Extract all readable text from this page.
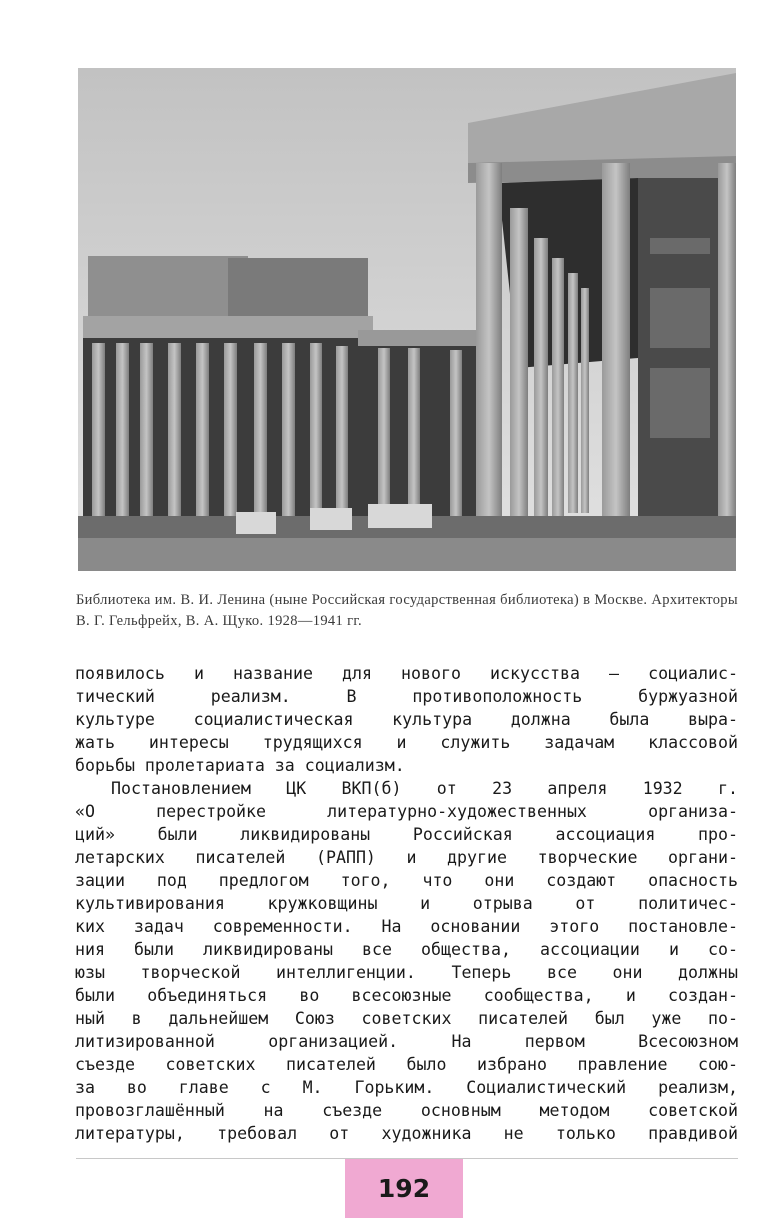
Библиотека им. В. И. Ленина (ныне Российская государственная библиотека) в Москве. Архитекторы В. Г. Гельфрейх, В. А. Щуко. 1928—1941 гг.

появилось и название для нового искусства — социалис-
тический реализм. В противоположность буржуазной
культуре социалистическая культура должна была выра-
жать интересы трудящихся и служить задачам классовой
борьбы пролетариата за социализм.
Постановлением ЦК ВКП(б) от 23 апреля 1932 г.
«О перестройке литературно-художественных организа-
ций» были ликвидированы Российская ассоциация про-
летарских писателей (РАПП) и другие творческие органи-
зации под предлогом того, что они создают опасность
культивирования кружковщины и отрыва от политичес-
ких задач современности. На основании этого постановле-
ния были ликвидированы все общества, ассоциации и со-
юзы творческой интеллигенции. Теперь все они должны
были объединяться во всесоюзные сообщества, и создан-
ный в дальнейшем Союз советских писателей был уже по-
литизированной организацией. На первом Всесоюзном
съезде советских писателей было избрано правление сою-
за во главе с М. Горьким. Социалистический реализм,
провозглашённый на съезде основным методом советской
литературы, требовал от художника не только правдивой
192
